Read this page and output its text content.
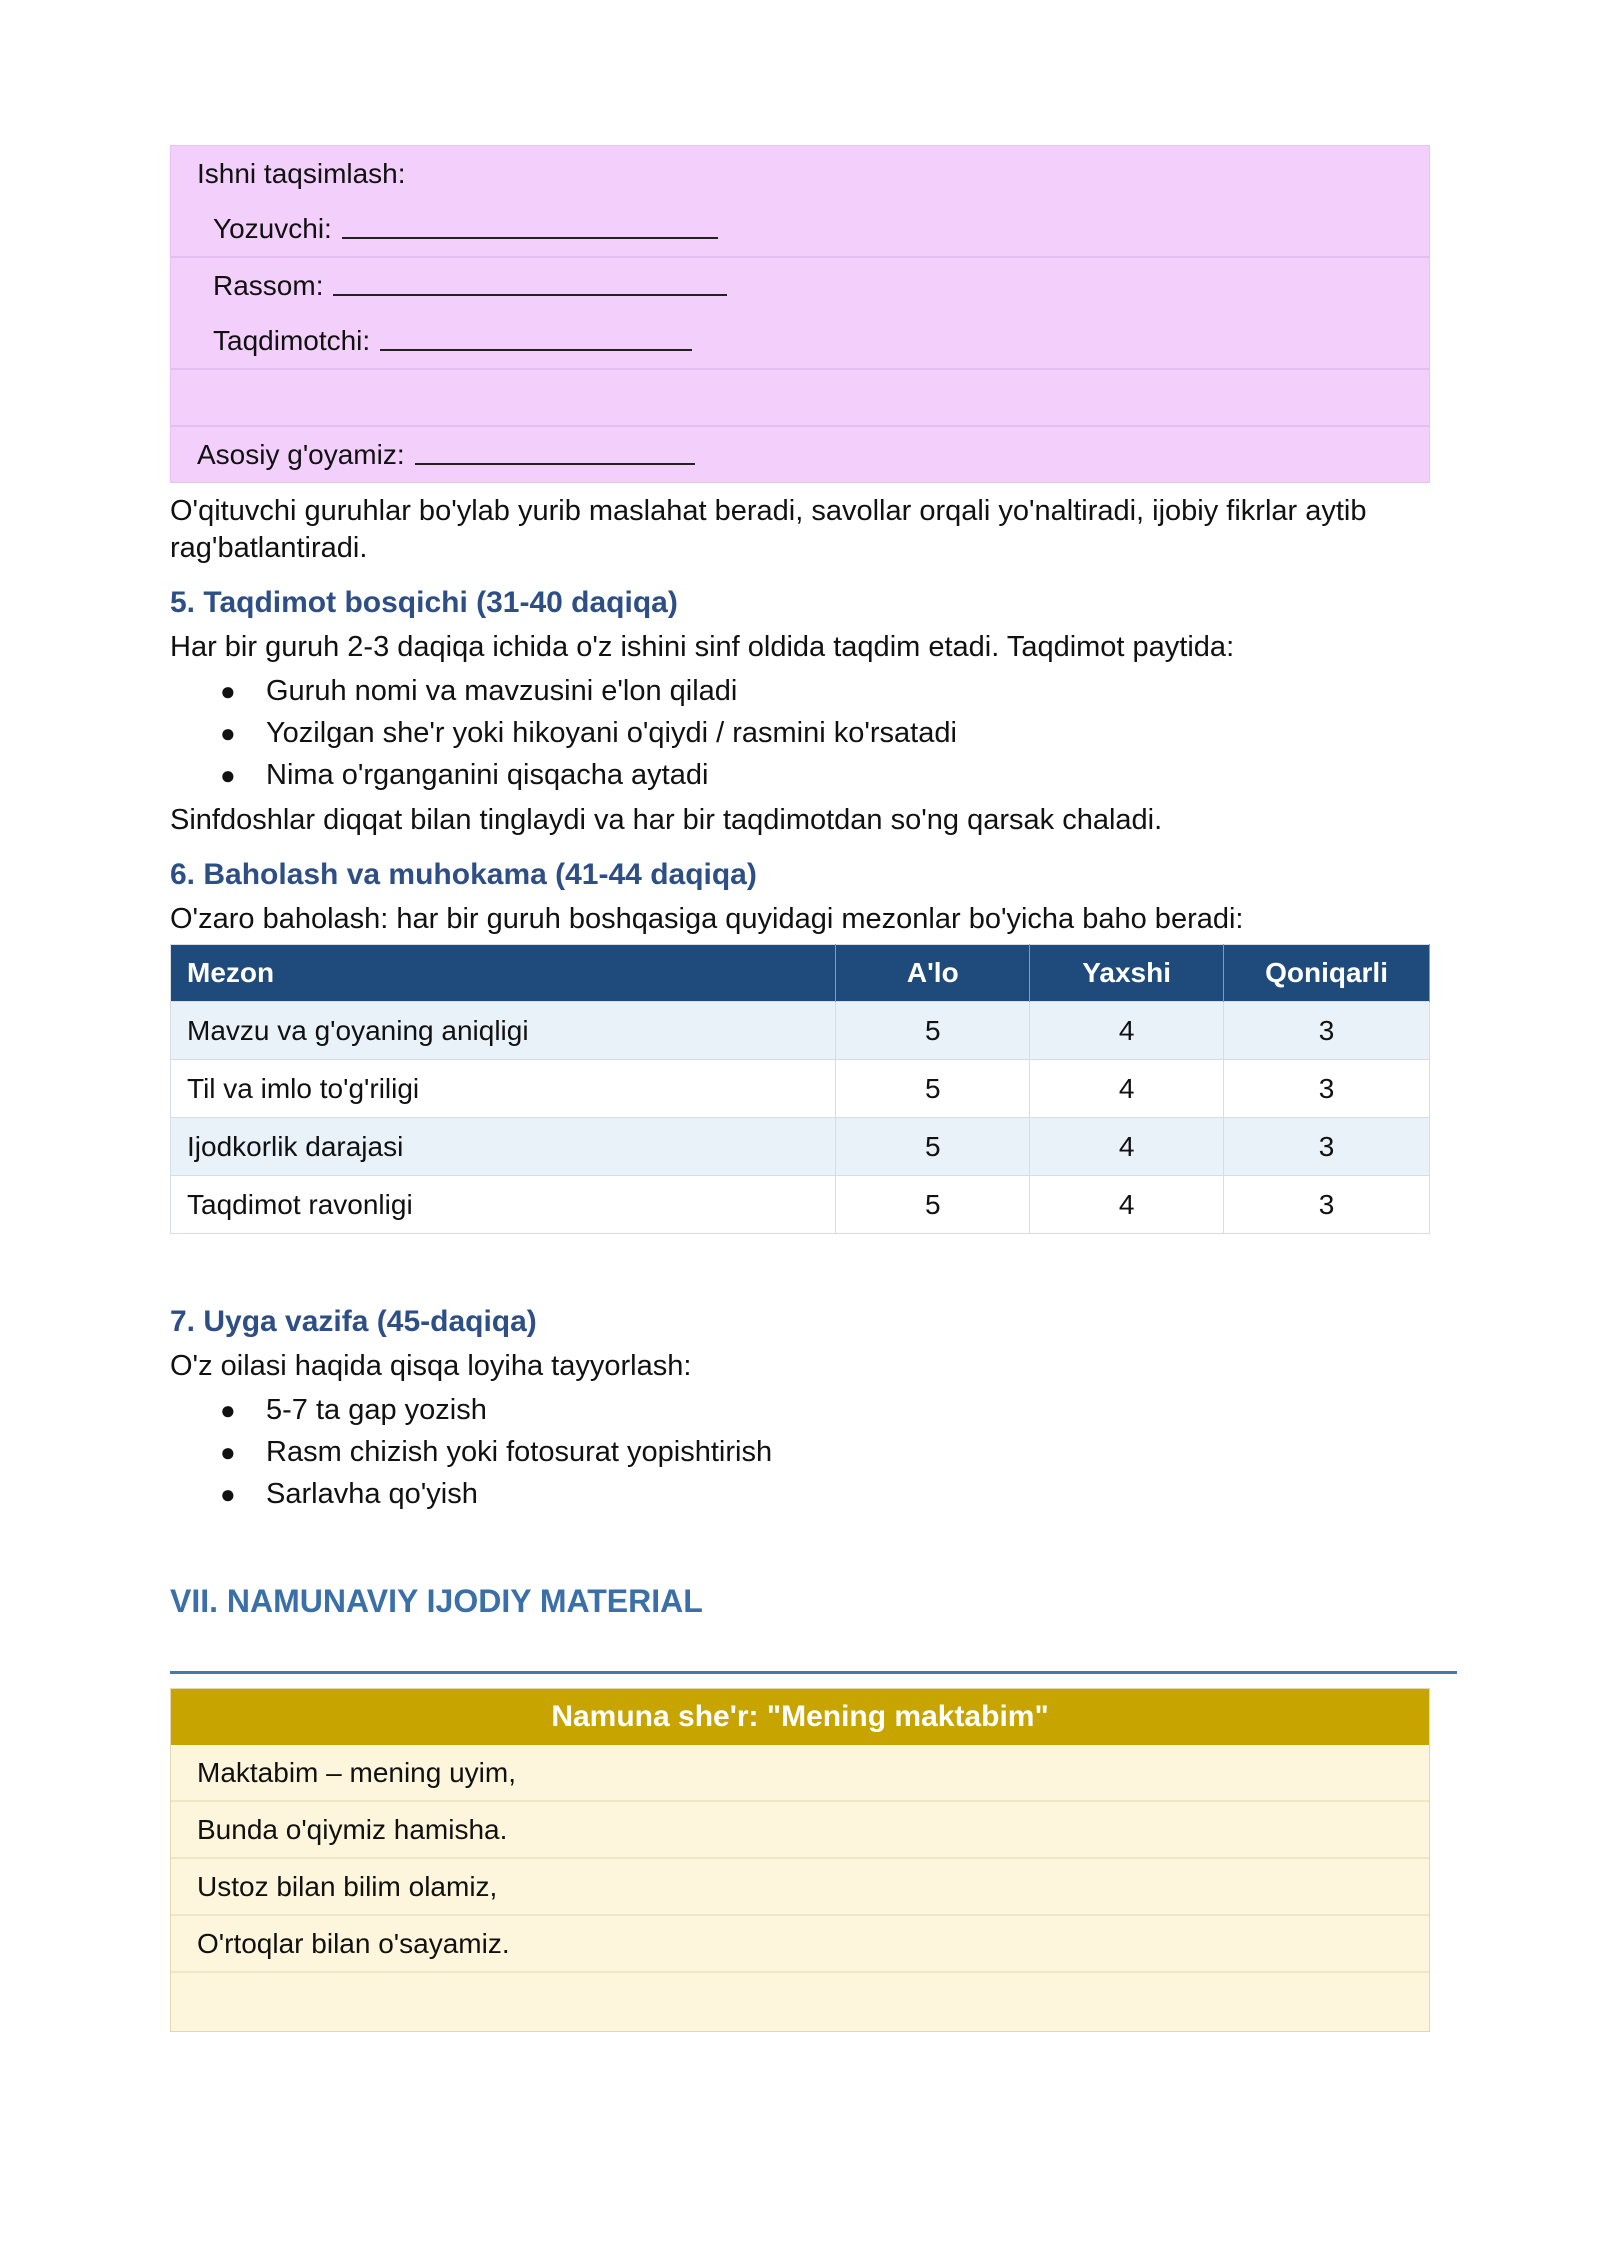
Ishni taqsimlash:
Yozuvchi:
Rassom:
Taqdimotchi:
Asosiy g'oyamiz:

O'qituvchi guruhlar bo'ylab yurib maslahat beradi, savollar orqali yo'naltiradi, ijobiy fikrlar aytib rag'batlantiradi.

5. Taqdimot bosqichi (31-40 daqiqa)

Har bir guruh 2-3 daqiqa ichida o'z ishini sinf oldida taqdim etadi. Taqdimot paytida:

● Guruh nomi va mavzusini e'lon qiladi
● Yozilgan she'r yoki hikoyani o'qiydi / rasmini ko'rsatadi
● Nima o'rganganini qisqacha aytadi

Sinfdoshlar diqqat bilan tinglaydi va har bir taqdimotdan so'ng qarsak chaladi.

6. Baholash va muhokama (41-44 daqiqa)

O'zaro baholash: har bir guruh boshqasiga quyidagi mezonlar bo'yicha baho beradi:

Mezon	A'lo	Yaxshi	Qoniqarli
Mavzu va g'oyaning aniqligi	5	4	3
Til va imlo to'g'riligi	5	4	3
Ijodkorlik darajasi	5	4	3
Taqdimot ravonligi	5	4	3
7. Uyga vazifa (45-daqiqa)

O'z oilasi haqida qisqa loyiha tayyorlash:

● 5-7 ta gap yozish
● Rasm chizish yoki fotosurat yopishtirish
● Sarlavha qo'yish
VII. NAMUNAVIY IJODIY MATERIAL
Namuna she'r: "Mening maktabim"
Maktabim – mening uyim,
Bunda o'qiymiz hamisha.
Ustoz bilan bilim olamiz,
O'rtoqlar bilan o'sayamiz.
